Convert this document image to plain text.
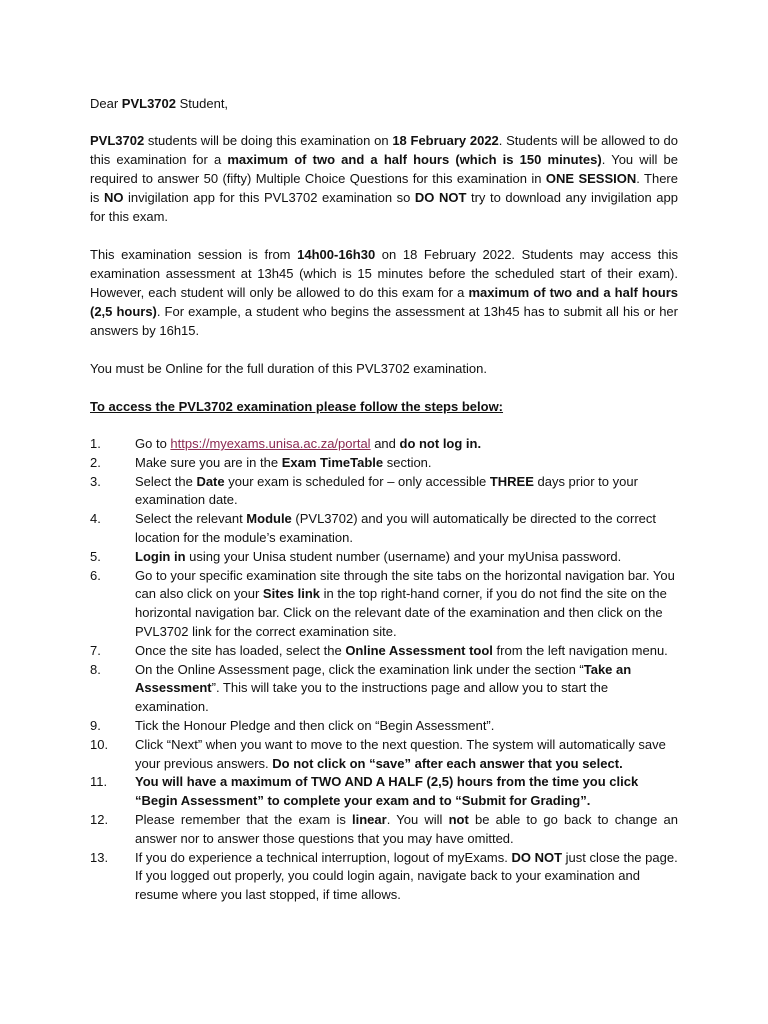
Dear PVL3702 Student,

PVL3702 students will be doing this examination on 18 February 2022. Students will be allowed to do this examination for a maximum of two and a half hours (which is 150 minutes). You will be required to answer 50 (fifty) Multiple Choice Questions for this examination in ONE SESSION. There is NO invigilation app for this PVL3702 examination so DO NOT try to download any invigilation app for this exam.

This examination session is from 14h00-16h30 on 18 February 2022. Students may access this examination assessment at 13h45 (which is 15 minutes before the scheduled start of their exam). However, each student will only be allowed to do this exam for a maximum of two and a half hours (2,5 hours). For example, a student who begins the assessment at 13h45 has to submit all his or her answers by 16h15.

You must be Online for the full duration of this PVL3702 examination.

To access the PVL3702 examination please follow the steps below:

1.	Go to https://myexams.unisa.ac.za/portal and do not log in.
2.	Make sure you are in the Exam TimeTable section.
3.	Select the Date your exam is scheduled for – only accessible THREE days prior to your examination date.
4.	Select the relevant Module (PVL3702) and you will automatically be directed to the correct location for the module’s examination.
5.	Login in using your Unisa student number (username) and your myUnisa password.
6.	Go to your specific examination site through the site tabs on the horizontal navigation bar. You can also click on your Sites link in the top right-hand corner, if you do not find the site on the horizontal navigation bar. Click on the relevant date of the examination and then click on the PVL3702 link for the correct examination site.
7.	Once the site has loaded, select the Online Assessment tool from the left navigation menu.
8.	On the Online Assessment page, click the examination link under the section “Take an Assessment”. This will take you to the instructions page and allow you to start the examination.
9.	Tick the Honour Pledge and then click on “Begin Assessment”.
10.	Click “Next” when you want to move to the next question. The system will automatically save your previous answers. Do not click on “save” after each answer that you select.
11.	You will have a maximum of TWO AND A HALF (2,5) hours from the time you click “Begin Assessment” to complete your exam and to “Submit for Grading”.
12.	Please remember that the exam is linear. You will not be able to go back to change an answer nor to answer those questions that you may have omitted.
13.	If you do experience a technical interruption, logout of myExams. DO NOT just close the page. If you logged out properly, you could login again, navigate back to your examination and resume where you last stopped, if time allows.
